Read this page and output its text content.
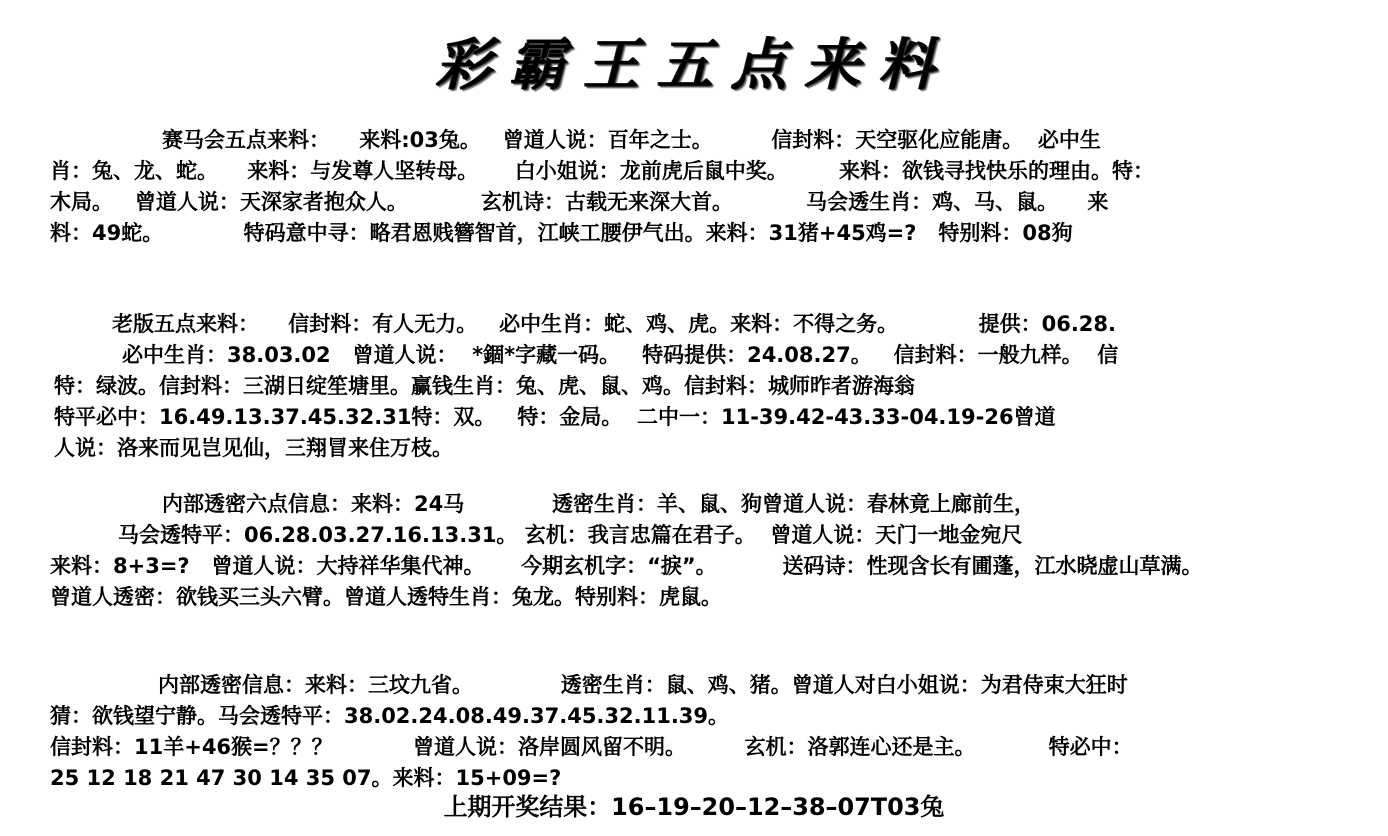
彩霸王五点来料
赛马会五点来料：    来料:03兔。   曾道人说：百年之士。        信封料：天空驱化应能唐。  必中生
肖：兔、龙、蛇。    来料：与发尊人坚转母。     白小姐说：龙前虎后鼠中奖。       来料：欲钱寻找快乐的理由。特：
木局。   曾道人说：天深家者抱众人。          玄机诗：古载无来深大首。          马会透生肖：鸡、马、鼠。    来
料：49蛇。           特码意中寻：略君恩贱簪智首，江峡工腰伊气出。来料：31猪+45鸡=?   特别料：08狗
老版五点来料：    信封料：有人无力。   必中生肖：蛇、鸡、虎。来料：不得之务。           提供：06.28.
必中生肖：38.03.02   曾道人说：  *錮*字藏一码。   特码提供：24.08.27。   信封料：一般九样。  信
特：绿波。信封料：三湖日绽笙塘里。赢钱生肖：兔、虎、鼠、鸡。信封料：城师昨者游海翁
特平必中：16.49.13.37.45.32.31特：双。   特：金局。  二中一：11-39.42-43.33-04.19-26曾道
人说：洛来而见岂见仙，三翔冒来住万枝。
内部透密六点信息：来料：24马            透密生肖：羊、鼠、狗曾道人说：春林竟上廊前生，
马会透特平：06.28.03.27.16.13.31。 玄机：我言忠篇在君子。  曾道人说：天门一地金宛尺
来料：8+3=?   曾道人说：大持祥华集代神。     今期玄机字：“捩”。         送码诗：性现含长有圃蓬，江水晓虚山草满。
曾道人透密：欲钱买三头六臂。曾道人透特生肖：兔龙。特别料：虎鼠。
内部透密信息：来料：三坟九省。            透密生肖：鼠、鸡、猪。曾道人对白小姐说：为君侍束大狂时
猜：欲钱望宁静。马会透特平：38.02.24.08.49.37.45.32.11.39。
信封料：11羊+46猴=？？？           曾道人说：洛岸圆风留不明。        玄机：洛郭连心还是主。          特必中：
25 12 18 21 47 30 14 35 07。来料：15+09=?
上期开奖结果：16–19–20–12–38–07T03兔
